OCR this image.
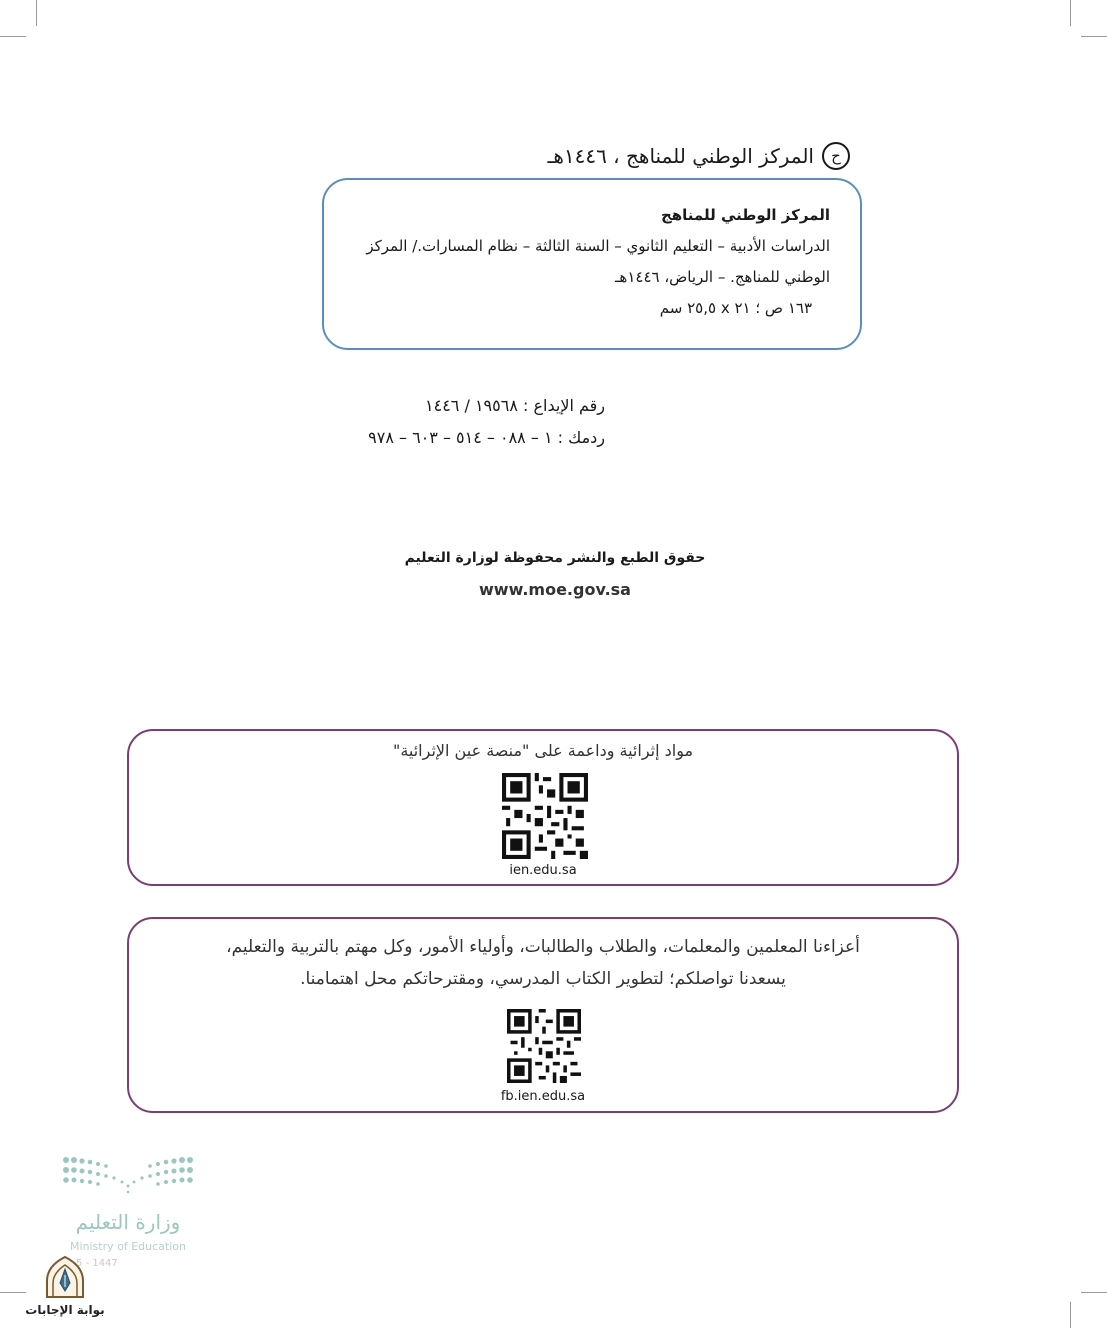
ح
المركز الوطني للمناهج ، ١٤٤٦هـ
المركز الوطني للمناهج
الدراسات الأدبية – التعليم الثانوي – السنة الثالثة – نظام المسارات./ المركز
الوطني للمناهج. – الرياض، ١٤٤٦هـ
١٦٣ ص ؛ ٢١ x ٢٥,٥ سم
رقم الإيداع : ١٩٥٦٨ / ١٤٤٦
ردمك : ١ – ٠٨٨ – ٥١٤ – ٦٠٣ – ٩٧٨
حقوق الطبع والنشر محفوظة لوزارة التعليم
www.moe.gov.sa
مواد إثرائية وداعمة على "منصة عين الإثرائية"
ien.edu.sa
أعزاءنا المعلمين والمعلمات، والطلاب والطالبات، وأولياء الأمور، وكل مهتم بالتربية والتعليم،
يسعدنا تواصلكم؛ لتطوير الكتاب المدرسي، ومقترحاتكم محل اهتمامنا.
fb.ien.edu.sa
وزارة التعليم
Ministry of Education
5 - 1447
بوابة الإجابات
